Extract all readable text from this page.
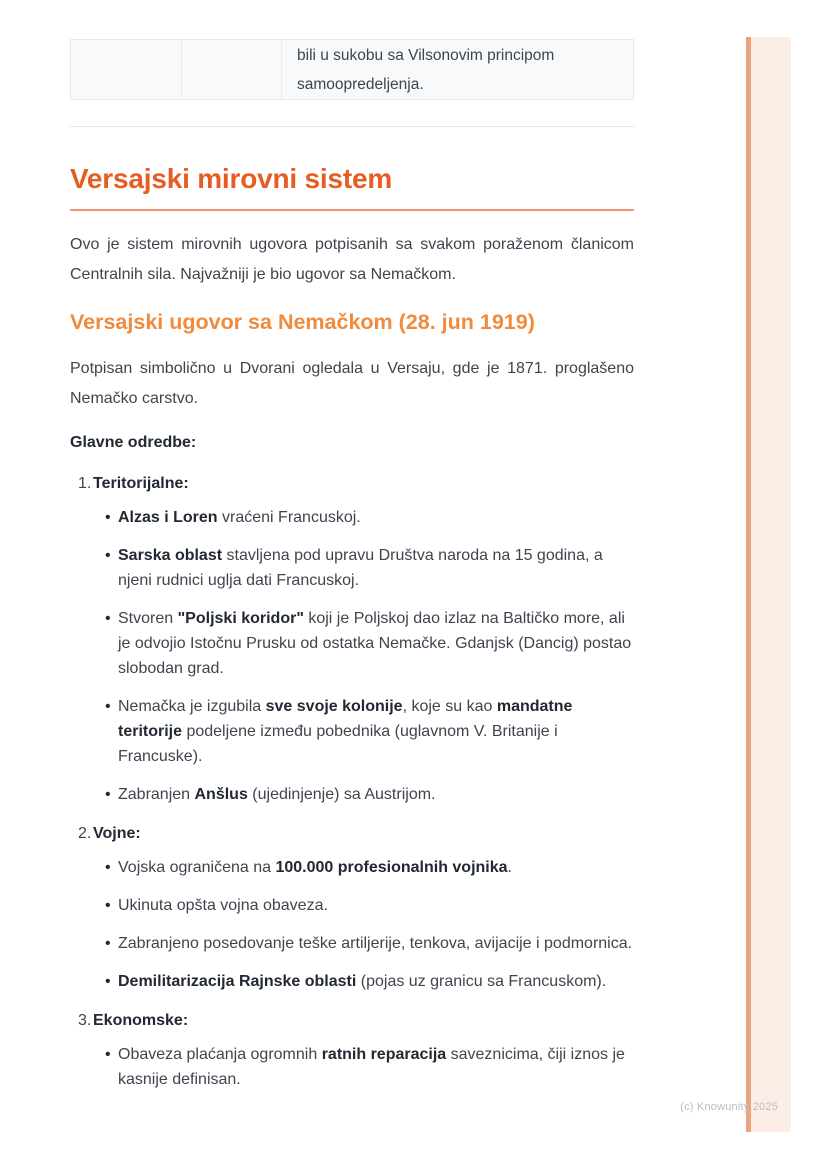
(c) Knowunity 2025
bili u sukobu sa Vilsonovim principom samoopredeljenja.
Versajski mirovni sistem
Ovo je sistem mirovnih ugovora potpisanih sa svakom poraženom članicom Centralnih sila. Najvažniji je bio ugovor sa Nemačkom.
Versajski ugovor sa Nemačkom (28. jun 1919)
Potpisan simbolično u Dvorani ogledala u Versaju, gde je 1871. proglašeno Nemačko carstvo.
Glavne odredbe:
1. Teritorijalne:
•
Alzas i Loren vraćeni Francuskoj.
•
Sarska oblast stavljena pod upravu Društva naroda na 15 godina, a njeni rudnici uglja dati Francuskoj.
•
Stvoren "Poljski koridor" koji je Poljskoj dao izlaz na Baltičko more, ali je odvojio Istočnu Prusku od ostatka Nemačke. Gdanjsk (Dancig) postao slobodan grad.
•
Nemačka je izgubila sve svoje kolonije, koje su kao mandatne teritorije podeljene između pobednika (uglavnom V. Britanije i Francuske).
•
Zabranjen Anšlus (ujedinjenje) sa Austrijom.
2. Vojne:
•
Vojska ograničena na 100.000 profesionalnih vojnika.
•
Ukinuta opšta vojna obaveza.
•
Zabranjeno posedovanje teške artiljerije, tenkova, avijacije i podmornica.
•
Demilitarizacija Rajnske oblasti (pojas uz granicu sa Francuskom).
3. Ekonomske:
•
Obaveza plaćanja ogromnih ratnih reparacija saveznicima, čiji iznos je kasnije definisan.
